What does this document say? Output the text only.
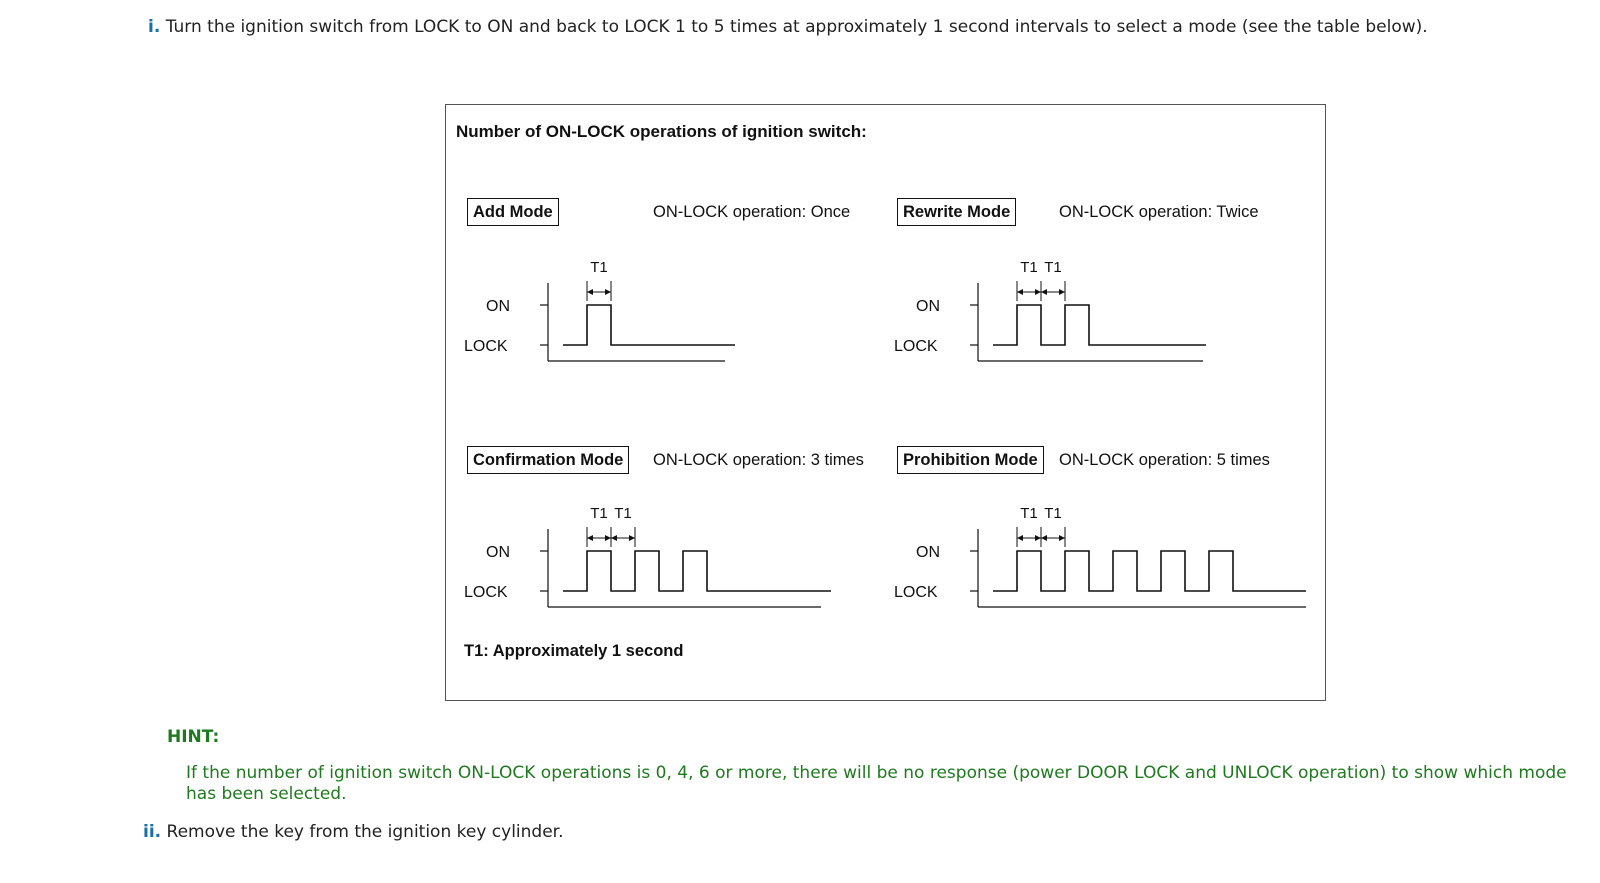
i. Turn the ignition switch from LOCK to ON and back to LOCK 1 to 5 times at approximately 1 second intervals to select a mode (see the table below).
Number of ON-LOCK operations of ignition switch:
Add Mode	ON-LOCK operation: Once
ON
LOCK
T1
Rewrite Mode	ON-LOCK operation: Twice
ON
LOCK
T1 T1
Confirmation Mode	ON-LOCK operation: 3 times
ON
LOCK
T1 T1
Prohibition Mode	ON-LOCK operation: 5 times
ON
LOCK
T1 T1
T1: Approximately 1 second
HINT:
If the number of ignition switch ON-LOCK operations is 0, 4, 6 or more, there will be no response (power DOOR LOCK and UNLOCK operation) to show which mode has been selected.
ii. Remove the key from the ignition key cylinder.
